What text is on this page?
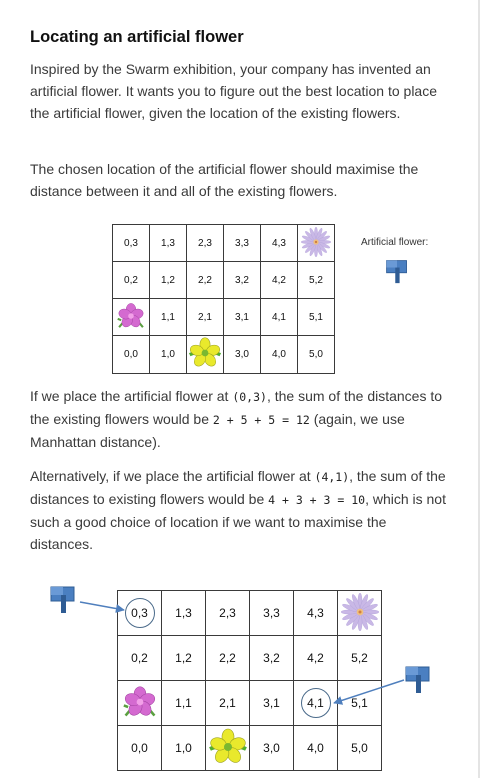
Locating an artificial flower

Inspired by the Swarm exhibition, your company has invented an artificial flower. It wants you to figure out the best location to place the artificial flower, given the location of the existing flowers.

The chosen location of the artificial flower should maximise the distance between it and all of the existing flowers.

0,3	1,3	2,3	3,3	4,3	
0,2	1,2	2,2	3,2	4,2	5,2
	1,1	2,1	3,1	4,1	5,1
0,0	1,0		3,0	4,0	5,0
Artificial flower:

If we place the artificial flower at (0,3), the sum of the distances to the existing flowers would be 2 + 5 + 5 = 12 (again, we use Manhattan distance).

Alternatively, if we place the artificial flower at (4,1), the sum of the distances to existing flowers would be 4 + 3 + 3 = 10, which is not such a good choice of location if we want to maximise the distances.

0,3	1,3	2,3	3,3	4,3	
0,2	1,2	2,2	3,2	4,2	5,2
	1,1	2,1	3,1	4,1	5,1
0,0	1,0		3,0	4,0	5,0
